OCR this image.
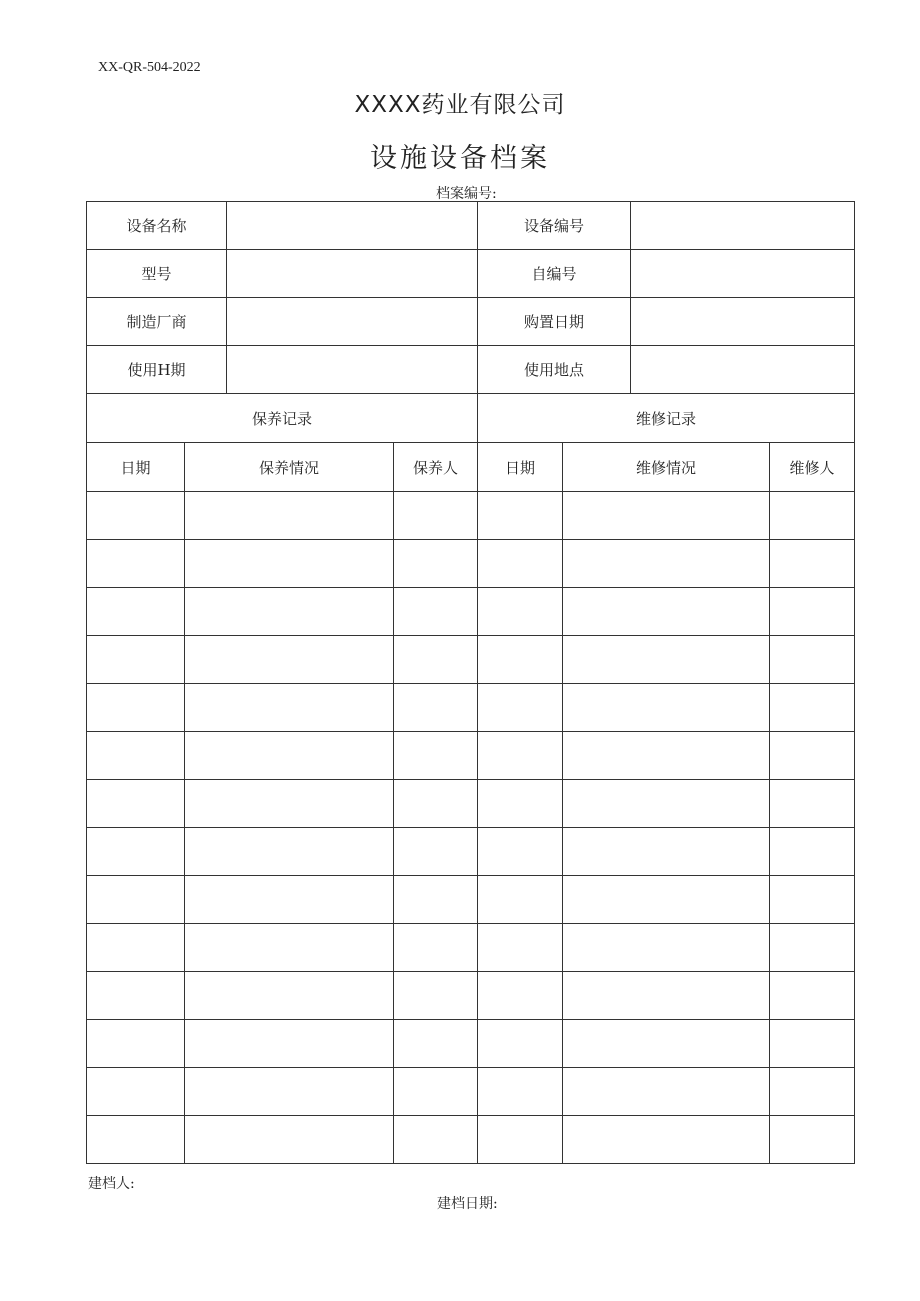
XX-QR-504-2022
XXXX药业有限公司
设施设备档案
档案编号:
设备名称				设备编号			
型号				自编号			
制造厂商				购置日期			
使用H期				使用地点			
保养记录				维修记录			
日期	保养情况		保养人	日期	维修情况		维修人

建档人:
建档日期:
